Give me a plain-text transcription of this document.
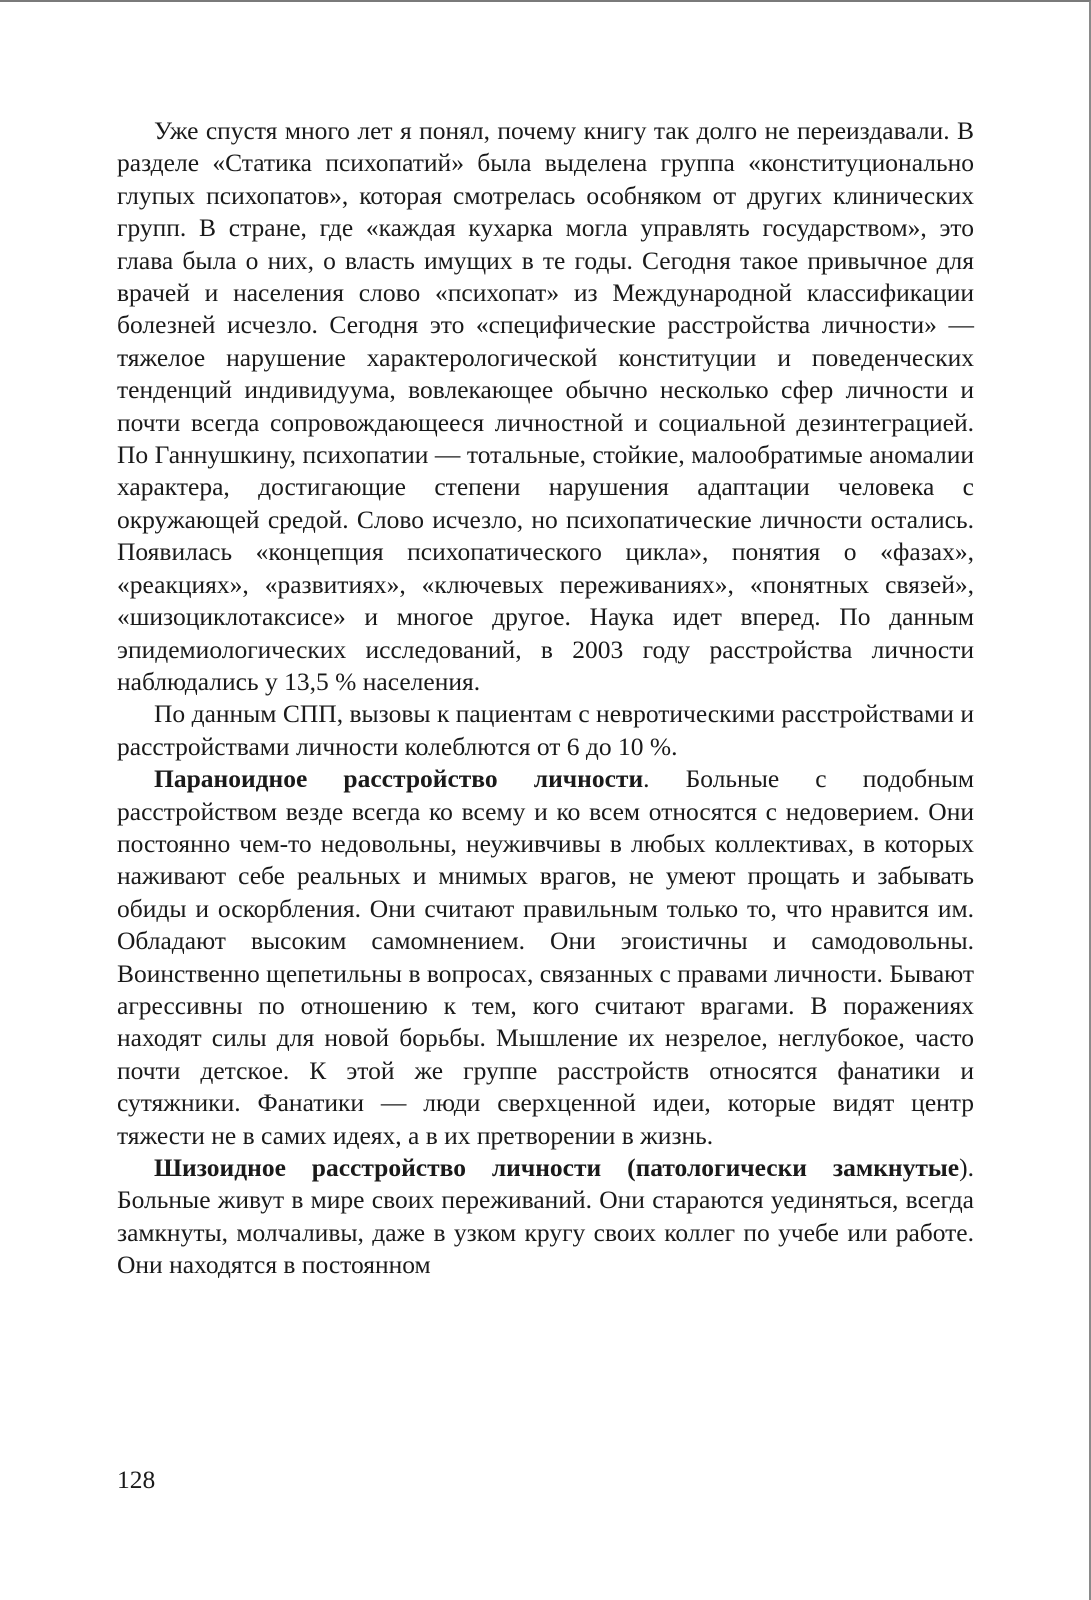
Уже спустя много лет я понял, почему книгу так долго не переиздавали. В разделе «Статика психопатий» была выделена группа «конституционально глупых психопатов», которая смотрелась особняком от других клинических групп. В стране, где «каждая кухарка могла управлять государством», это глава была о них, о власть имущих в те годы. Сегодня такое привычное для врачей и населения слово «психопат» из Международной классификации болезней исчезло. Сегодня это «специфические расстройства личности» — тяжелое нарушение характерологической конституции и поведенческих тенденций индивидуума, вовлекающее обычно несколько сфер личности и почти всегда сопровождающееся личностной и социальной дезинтеграцией. По Ганнушкину, психопатии — тотальные, стойкие, малообратимые аномалии характера, достигающие степени нарушения адаптации человека с окружающей средой. Слово исчезло, но психопатические личности остались. Появилась «концепция психопатического цикла», понятия о «фазах», «реакциях», «развитиях», «ключевых переживаниях», «понятных связей», «шизоциклотаксисе» и многое другое. Наука идет вперед. По данным эпидемиологических исследований, в 2003 году расстройства личности наблюдались у 13,5 % населения.

По данным СПП, вызовы к пациентам с невротическими расстройствами и расстройствами личности колеблются от 6 до 10 %.

Параноидное расстройство личности. Больные с подобным расстройством везде всегда ко всему и ко всем относятся с недоверием. Они постоянно чем-то недовольны, неуживчивы в любых коллективах, в которых наживают себе реальных и мнимых врагов, не умеют прощать и забывать обиды и оскорбления. Они считают правильным только то, что нравится им. Обладают высоким самомнением. Они эгоистичны и самодовольны. Воинственно щепетильны в вопросах, связанных с правами личности. Бывают агрессивны по отношению к тем, кого считают врагами. В поражениях находят силы для новой борьбы. Мышление их незрелое, неглубокое, часто почти детское. К этой же группе расстройств относятся фанатики и сутяжники. Фанатики — люди сверхценной идеи, которые видят центр тяжести не в самих идеях, а в их претворении в жизнь.

Шизоидное расстройство личности (патологически замкнутые). Больные живут в мире своих переживаний. Они стараются уединяться, всегда замкнуты, молчаливы, даже в узком кругу своих коллег по учебе или работе. Они находятся в постоянном

128
